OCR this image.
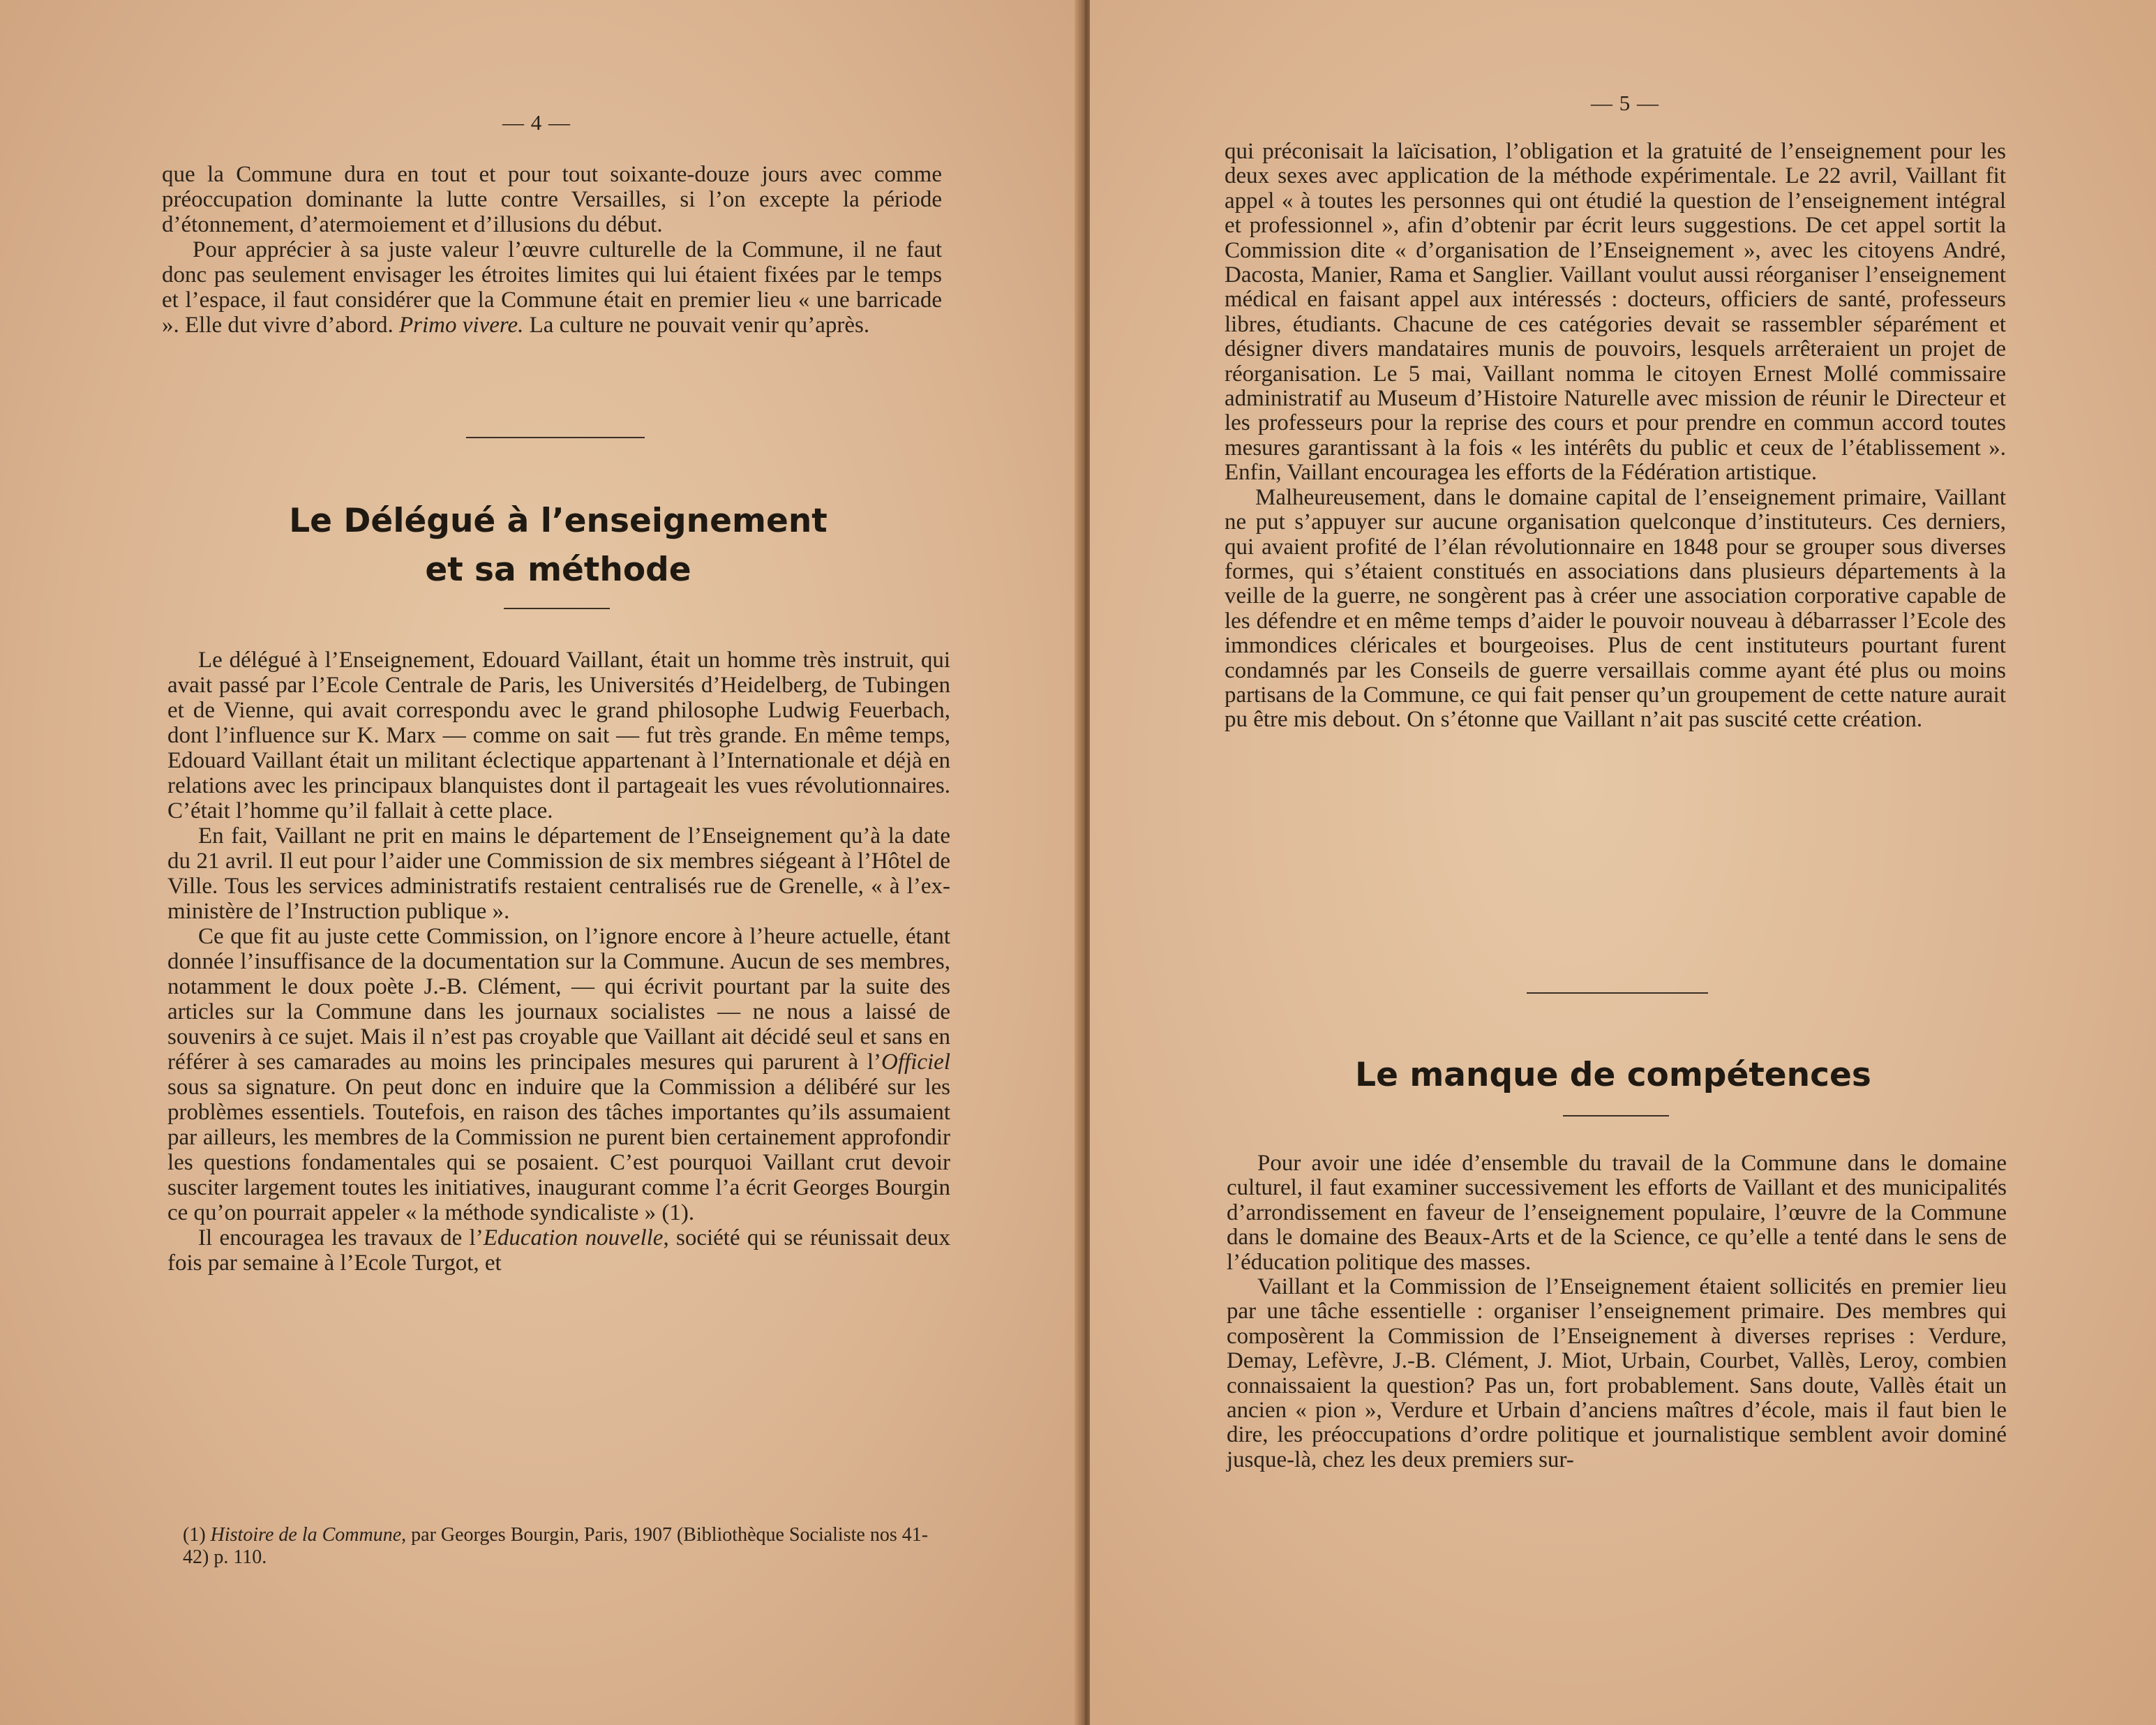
— 4 —

que la Commune dura en tout et pour tout soixante-douze jours avec comme préoccupation dominante la lutte contre Versailles, si l’on excepte la période d’étonnement, d’atermoiement et d’illusions du début.

Pour apprécier à sa juste valeur l’œuvre culturelle de la Commune, il ne faut donc pas seulement envisager les étroites limites qui lui étaient fixées par le temps et l’espace, il faut considérer que la Commune était en premier lieu « une barricade ». Elle dut vivre d’abord. Primo vivere. La culture ne pouvait venir qu’après.

Le Délégué à l’enseignement
et sa méthode

Le délégué à l’Enseignement, Edouard Vaillant, était un homme très instruit, qui avait passé par l’Ecole Centrale de Paris, les Universités d’Heidelberg, de Tubingen et de Vienne, qui avait correspondu avec le grand philosophe Ludwig Feuerbach, dont l’influence sur K. Marx — comme on sait — fut très grande. En même temps, Edouard Vaillant était un militant éclectique appartenant à l’Internationale et déjà en relations avec les principaux blanquistes dont il partageait les vues révolutionnaires. C’était l’homme qu’il fallait à cette place.

En fait, Vaillant ne prit en mains le département de l’Enseignement qu’à la date du 21 avril. Il eut pour l’aider une Commission de six membres siégeant à l’Hôtel de Ville. Tous les services administratifs restaient centralisés rue de Grenelle, « à l’ex-ministère de l’Instruction publique ».

Ce que fit au juste cette Commission, on l’ignore encore à l’heure actuelle, étant donnée l’insuffisance de la documentation sur la Commune. Aucun de ses membres, notamment le doux poète J.-B. Clément, — qui écrivit pourtant par la suite des articles sur la Commune dans les journaux socialistes — ne nous a laissé de souvenirs à ce sujet. Mais il n’est pas croyable que Vaillant ait décidé seul et sans en référer à ses camarades au moins les principales mesures qui parurent à l’Officiel sous sa signature. On peut donc en induire que la Commission a délibéré sur les problèmes essentiels. Toutefois, en raison des tâches importantes qu’ils assumaient par ailleurs, les membres de la Commission ne purent bien certainement approfondir les questions fondamentales qui se posaient. C’est pourquoi Vaillant crut devoir susciter largement toutes les initiatives, inaugurant comme l’a écrit Georges Bourgin ce qu’on pourrait appeler « la méthode syndicaliste » (1).

Il encouragea les travaux de l’Education nouvelle, société qui se réunissait deux fois par semaine à l’Ecole Turgot, et

(1) Histoire de la Commune, par Georges Bourgin, Paris, 1907 (Bibliothèque Socialiste nos 41-42) p. 110.
— 5 —

qui préconisait la laïcisation, l’obligation et la gratuité de l’enseignement pour les deux sexes avec application de la méthode expérimentale. Le 22 avril, Vaillant fit appel « à toutes les personnes qui ont étudié la question de l’enseignement intégral et professionnel », afin d’obtenir par écrit leurs suggestions. De cet appel sortit la Commission dite « d’organisation de l’Enseignement », avec les citoyens André, Dacosta, Manier, Rama et Sanglier. Vaillant voulut aussi réorganiser l’enseignement médical en faisant appel aux intéressés : docteurs, officiers de santé, professeurs libres, étudiants. Chacune de ces catégories devait se rassembler séparément et désigner divers mandataires munis de pouvoirs, lesquels arrêteraient un projet de réorganisation. Le 5 mai, Vaillant nomma le citoyen Ernest Mollé commissaire administratif au Museum d’Histoire Naturelle avec mission de réunir le Directeur et les professeurs pour la reprise des cours et pour prendre en commun accord toutes mesures garantissant à la fois « les intérêts du public et ceux de l’établissement ». Enfin, Vaillant encouragea les efforts de la Fédération artistique.

Malheureusement, dans le domaine capital de l’enseignement primaire, Vaillant ne put s’appuyer sur aucune organisation quelconque d’instituteurs. Ces derniers, qui avaient profité de l’élan révolutionnaire en 1848 pour se grouper sous diverses formes, qui s’étaient constitués en associations dans plusieurs départements à la veille de la guerre, ne songèrent pas à créer une association corporative capable de les défendre et en même temps d’aider le pouvoir nouveau à débarrasser l’Ecole des immondices cléricales et bourgeoises. Plus de cent instituteurs pourtant furent condamnés par les Conseils de guerre versaillais comme ayant été plus ou moins partisans de la Commune, ce qui fait penser qu’un groupement de cette nature aurait pu être mis debout. On s’étonne que Vaillant n’ait pas suscité cette création.

Le manque de compétences

Pour avoir une idée d’ensemble du travail de la Commune dans le domaine culturel, il faut examiner successivement les efforts de Vaillant et des municipalités d’arrondissement en faveur de l’enseignement populaire, l’œuvre de la Commune dans le domaine des Beaux-Arts et de la Science, ce qu’elle a tenté dans le sens de l’éducation politique des masses.

Vaillant et la Commission de l’Enseignement étaient sollicités en premier lieu par une tâche essentielle : organiser l’enseignement primaire. Des membres qui composèrent la Commission de l’Enseignement à diverses reprises : Verdure, Demay, Lefèvre, J.-B. Clément, J. Miot, Urbain, Courbet, Vallès, Leroy, combien connaissaient la question? Pas un, fort probablement. Sans doute, Vallès était un ancien « pion », Verdure et Urbain d’anciens maîtres d’école, mais il faut bien le dire, les préoccupations d’ordre politique et journalistique semblent avoir dominé jusque-là, chez les deux premiers sur-
